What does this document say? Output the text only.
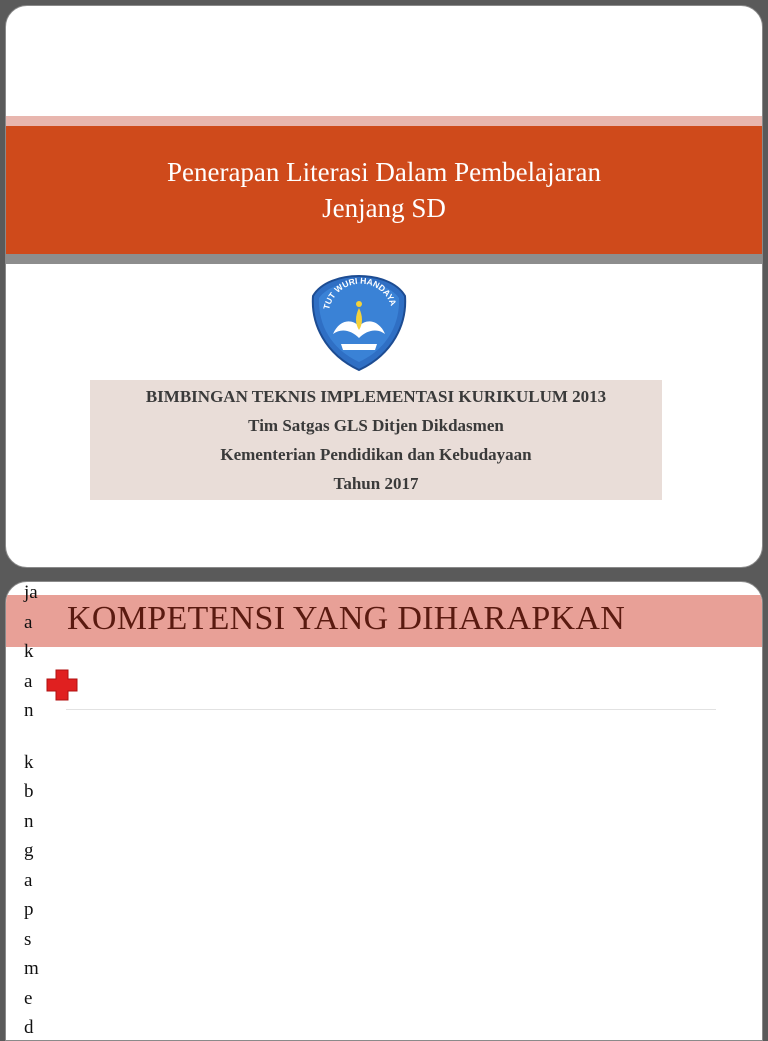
Penerapan Literasi Dalam Pembelajaran
Jenjang SD
TUT WURI HANDAYA
BIMBINGAN TEKNIS IMPLEMENTASI KURIKULUM 2013
Tim Satgas GLS Ditjen Dikdasmen
Kementerian Pendidikan dan Kebudayaan
Tahun 2017
KOMPETENSI YANG DIHARAPKAN
ja
a
k
a
n
k
b
n
g
a
p
s
m
e
d
